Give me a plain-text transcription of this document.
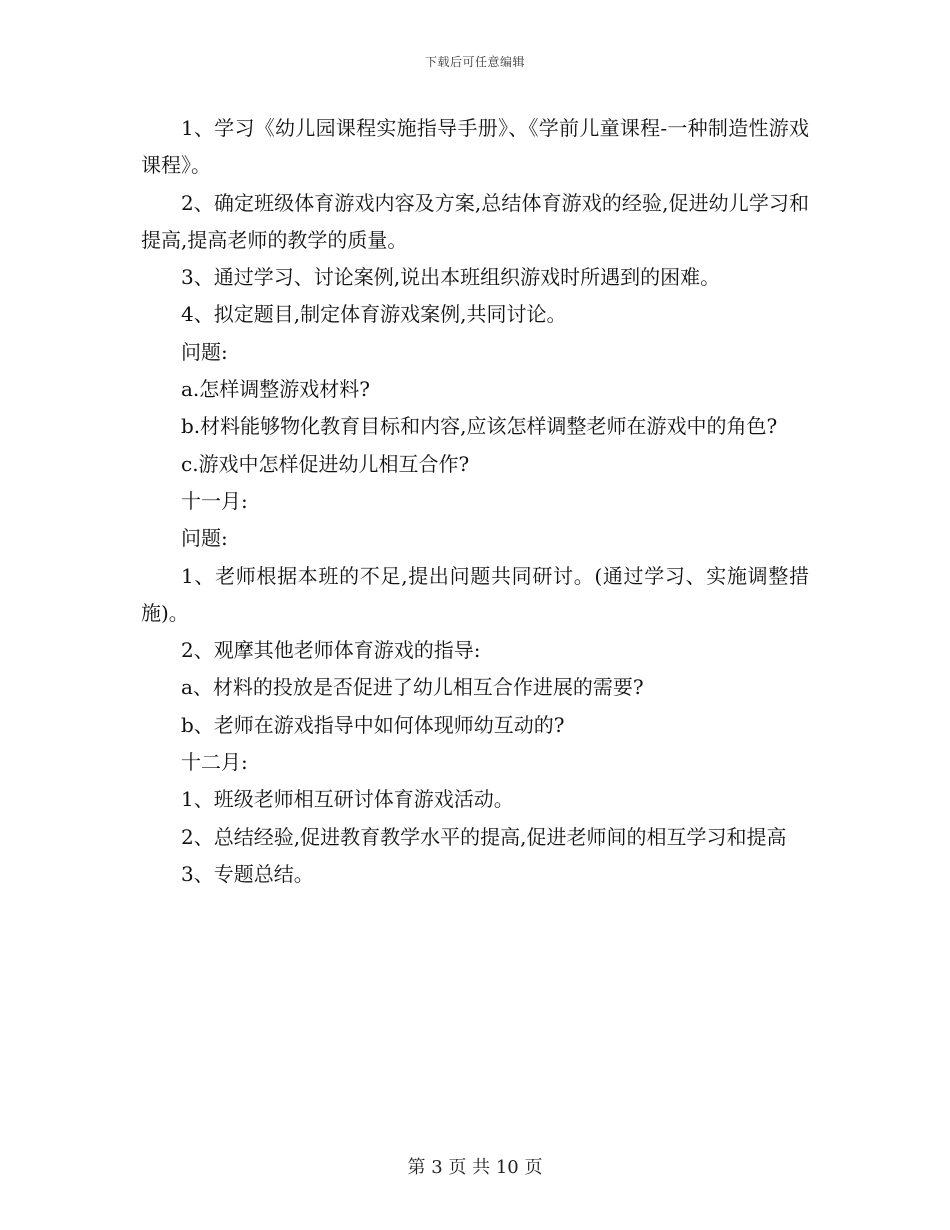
下载后可任意编辑

1、学习《幼儿园课程实施指导手册》、《学前儿童课程-一种制造性游戏课程》。

2、确定班级体育游戏内容及方案,总结体育游戏的经验,促进幼儿学习和提高,提高老师的教学的质量。

3、通过学习、讨论案例,说出本班组织游戏时所遇到的困难。

4、拟定题目,制定体育游戏案例,共同讨论。

问题:

a.怎样调整游戏材料?

b.材料能够物化教育目标和内容,应该怎样调整老师在游戏中的角色?

c.游戏中怎样促进幼儿相互合作?

十一月:

问题:

1、老师根据本班的不足,提出问题共同研讨。(通过学习、实施调整措施)。

2、观摩其他老师体育游戏的指导:

a、材料的投放是否促进了幼儿相互合作进展的需要?

b、老师在游戏指导中如何体现师幼互动的?

十二月:

1、班级老师相互研讨体育游戏活动。

2、总结经验,促进教育教学水平的提高,促进老师间的相互学习和提高

3、专题总结。

第 3 页 共 10 页
